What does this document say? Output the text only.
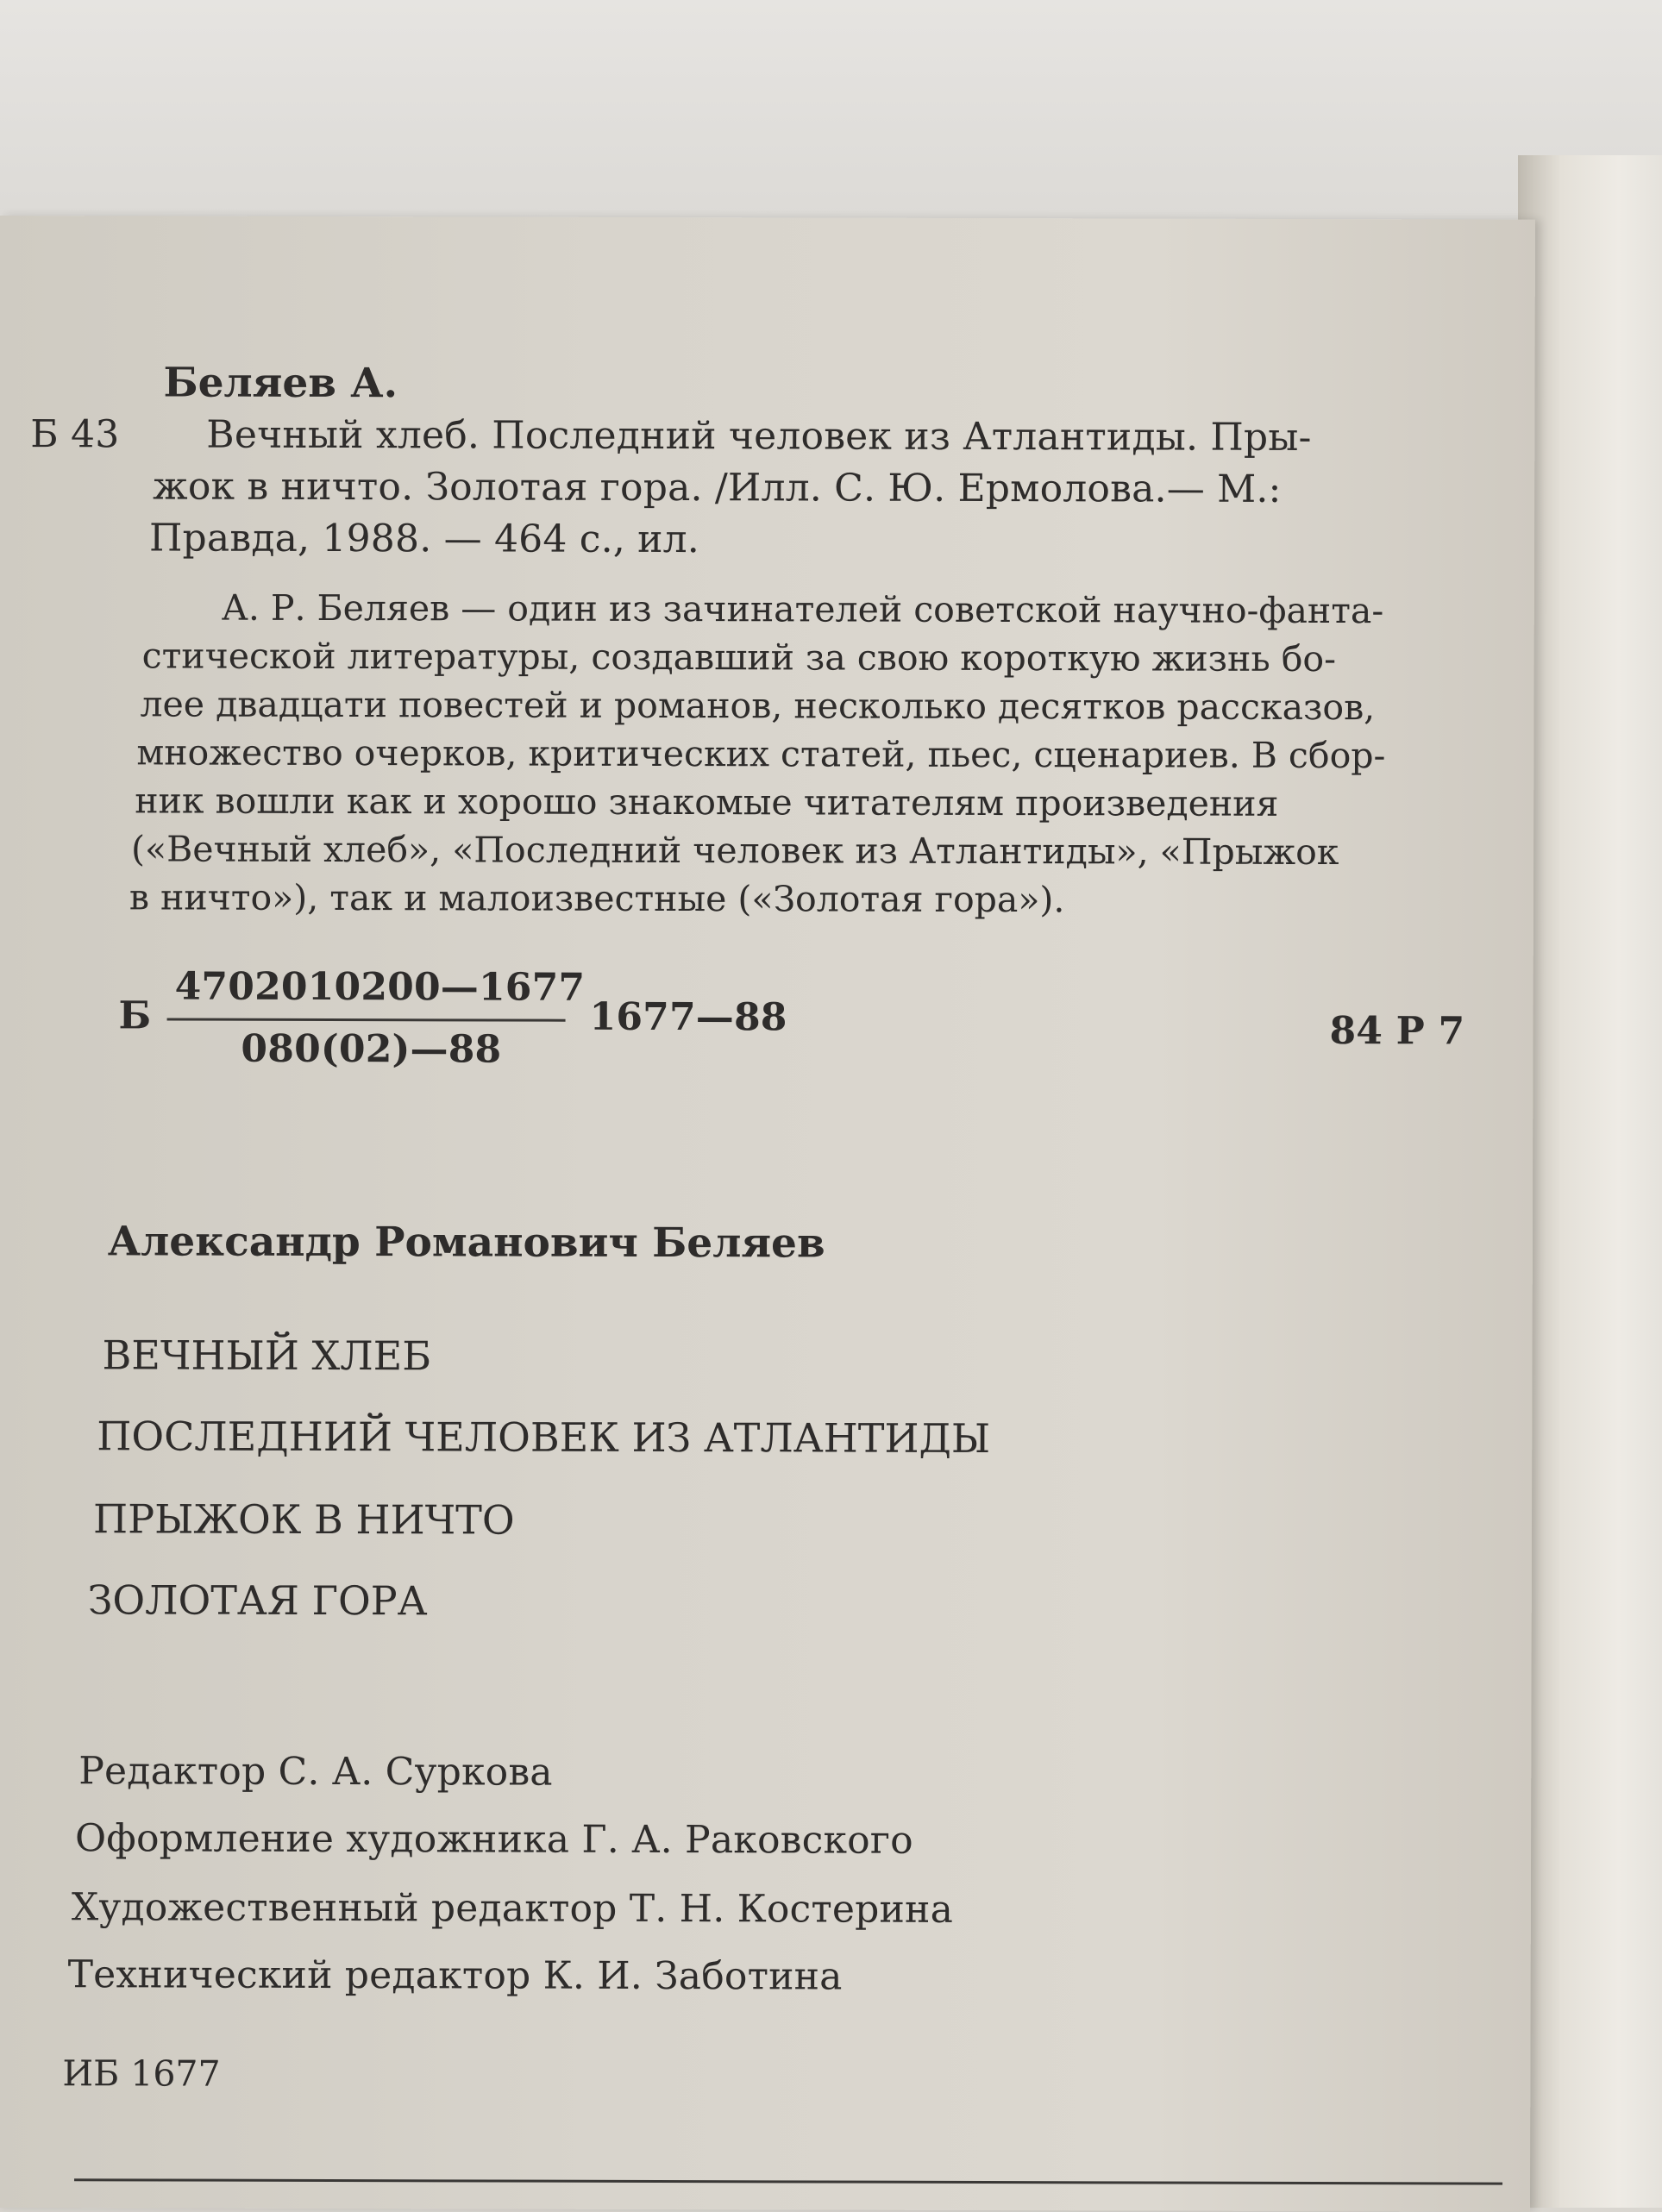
Беляев А.

Б 43 Вечный хлеб. Последний человек из Атлантиды. Пры-

жок в ничто. Золотая гора. /Илл. С. Ю. Ермолова.— М.:

Правда, 1988. — 464 с., ил.

А. Р. Беляев — один из зачинателей советской научно-фанта-

стической литературы, создавший за свою короткую жизнь бо-

лее двадцати повестей и романов, несколько десятков рассказов,

множество очерков, критических статей, пьес, сценариев. В сбор-

ник вошли как и хорошо знакомые читателям произведения

(«Вечный хлеб», «Последний человек из Атлантиды», «Прыжок

в ничто»), так и малоизвестные («Золотая гора»).

Б

4702010200—1677

080(02)—88

1677—88	84 Р 7

Александр Романович Беляев

ВЕЧНЫЙ ХЛЕБ

ПОСЛЕДНИЙ ЧЕЛОВЕК ИЗ АТЛАНТИДЫ

ПРЫЖОК В НИЧТО

ЗОЛОТАЯ ГОРА

Редактор С. А. Суркова

Оформление художника Г. А. Раковского

Художественный редактор Т. Н. Костерина

Технический редактор К. И. Заботина

ИБ 1677
